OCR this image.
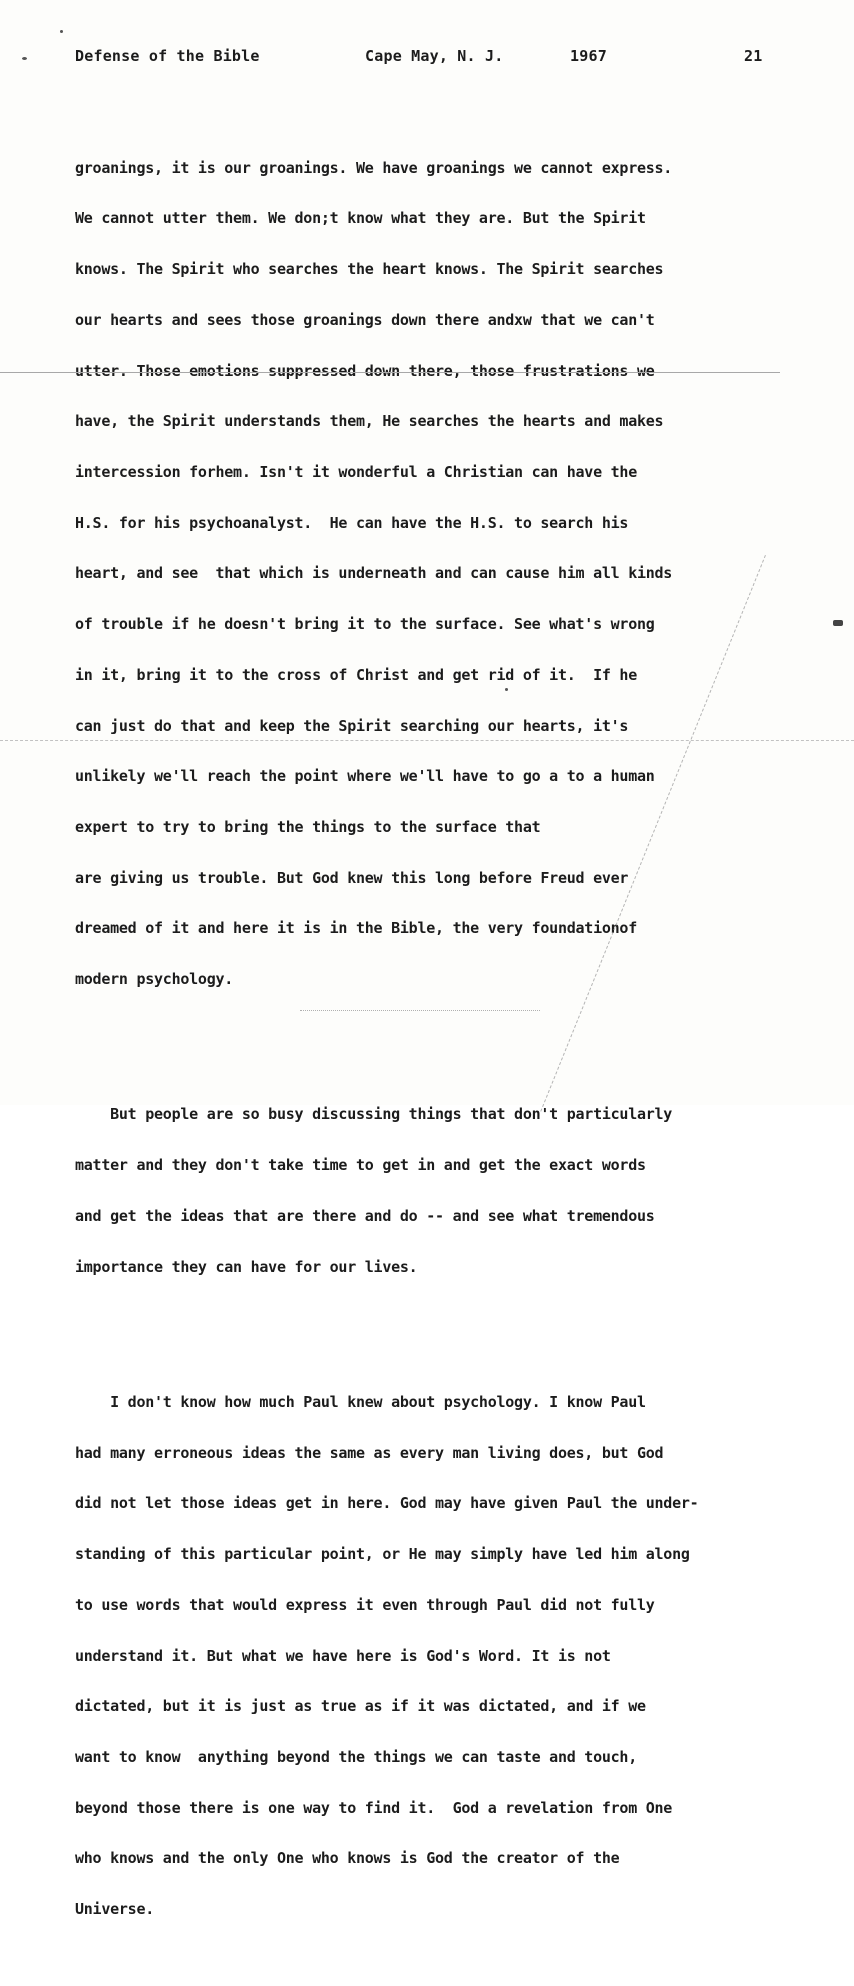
Defense of the Bible	Cape May, N. J.	1967	21

groanings, it is our groanings. We have groanings we cannot express.

We cannot utter them. We don;t know what they are. But the Spirit

knows. The Spirit who searches the heart knows. The Spirit searches

our hearts and sees those groanings down there andxw that we can't

utter. Those emotions suppressed down there, those frustrations we

have, the Spirit understands them, He searches the hearts and makes

intercession forhem. Isn't it wonderful a Christian can have the

H.S. for his psychoanalyst.  He can have the H.S. to search his

heart, and see  that which is underneath and can cause him all kinds

of trouble if he doesn't bring it to the surface. See what's wrong

in it, bring it to the cross of Christ and get rid of it.  If he

can just do that and keep the Spirit searching our hearts, it's

unlikely we'll reach the point where we'll have to go a to a human

expert to try to bring the things to the surface that

are giving us trouble. But God knew this long before Freud ever

dreamed of it and here it is in the Bible, the very foundationof

modern psychology.

But people are so busy discussing things that don't particularly

matter and they don't take time to get in and get the exact words

and get the ideas that are there and do -- and see what tremendous

importance they can have for our lives.

I don't know how much Paul knew about psychology. I know Paul

had many erroneous ideas the same as every man living does, but God

did not let those ideas get in here. God may have given Paul the under-

standing of this particular point, or He may simply have led him along

to use words that would express it even through Paul did not fully

understand it. But what we have here is God's Word. It is not

dictated, but it is just as true as if it was dictated, and if we

want to know  anything beyond the things we can taste and touch,

beyond those there is one way to find it.  God a revelation from One

who knows and the only One who knows is God the creator of the

Universe.
